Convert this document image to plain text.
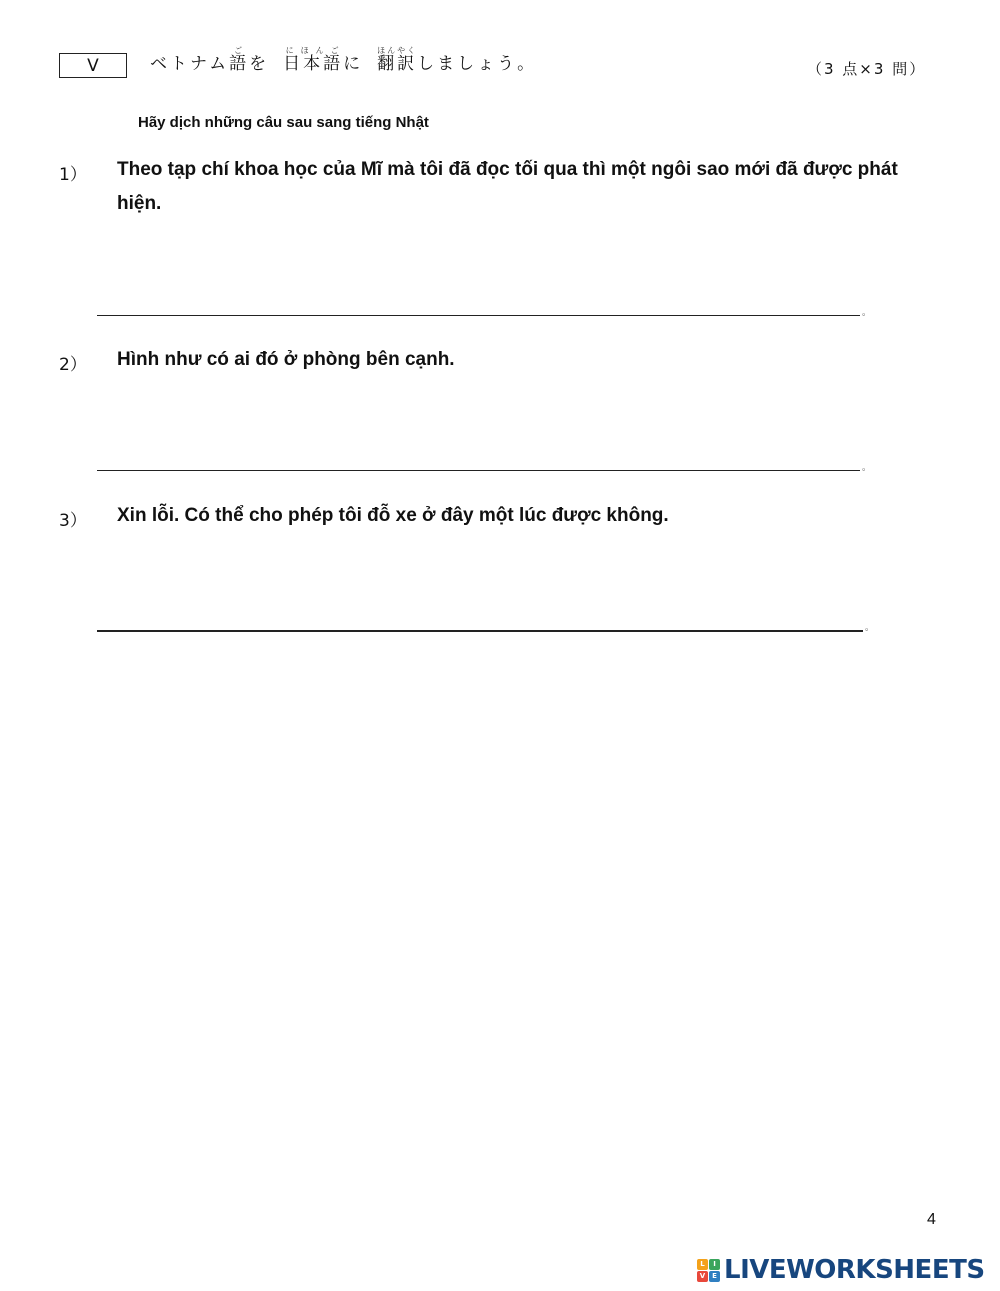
V	ベトナム語ごを 日本語にほんごに 翻訳ほんやくしましょう。	（3 点×3 問）
Hãy dịch những câu sau sang tiếng Nhật
1） Theo tạp chí khoa học của Mĩ mà tôi đã đọc tối qua thì một ngôi sao mới đã được phát hiện.
。
2） Hình như có ai đó ở phòng bên cạnh.
。
3） Xin lỗi. Có thể cho phép tôi đỗ xe ở đây một lúc được không.
。
4
L	I
V E LIVEWORKSHEETS
